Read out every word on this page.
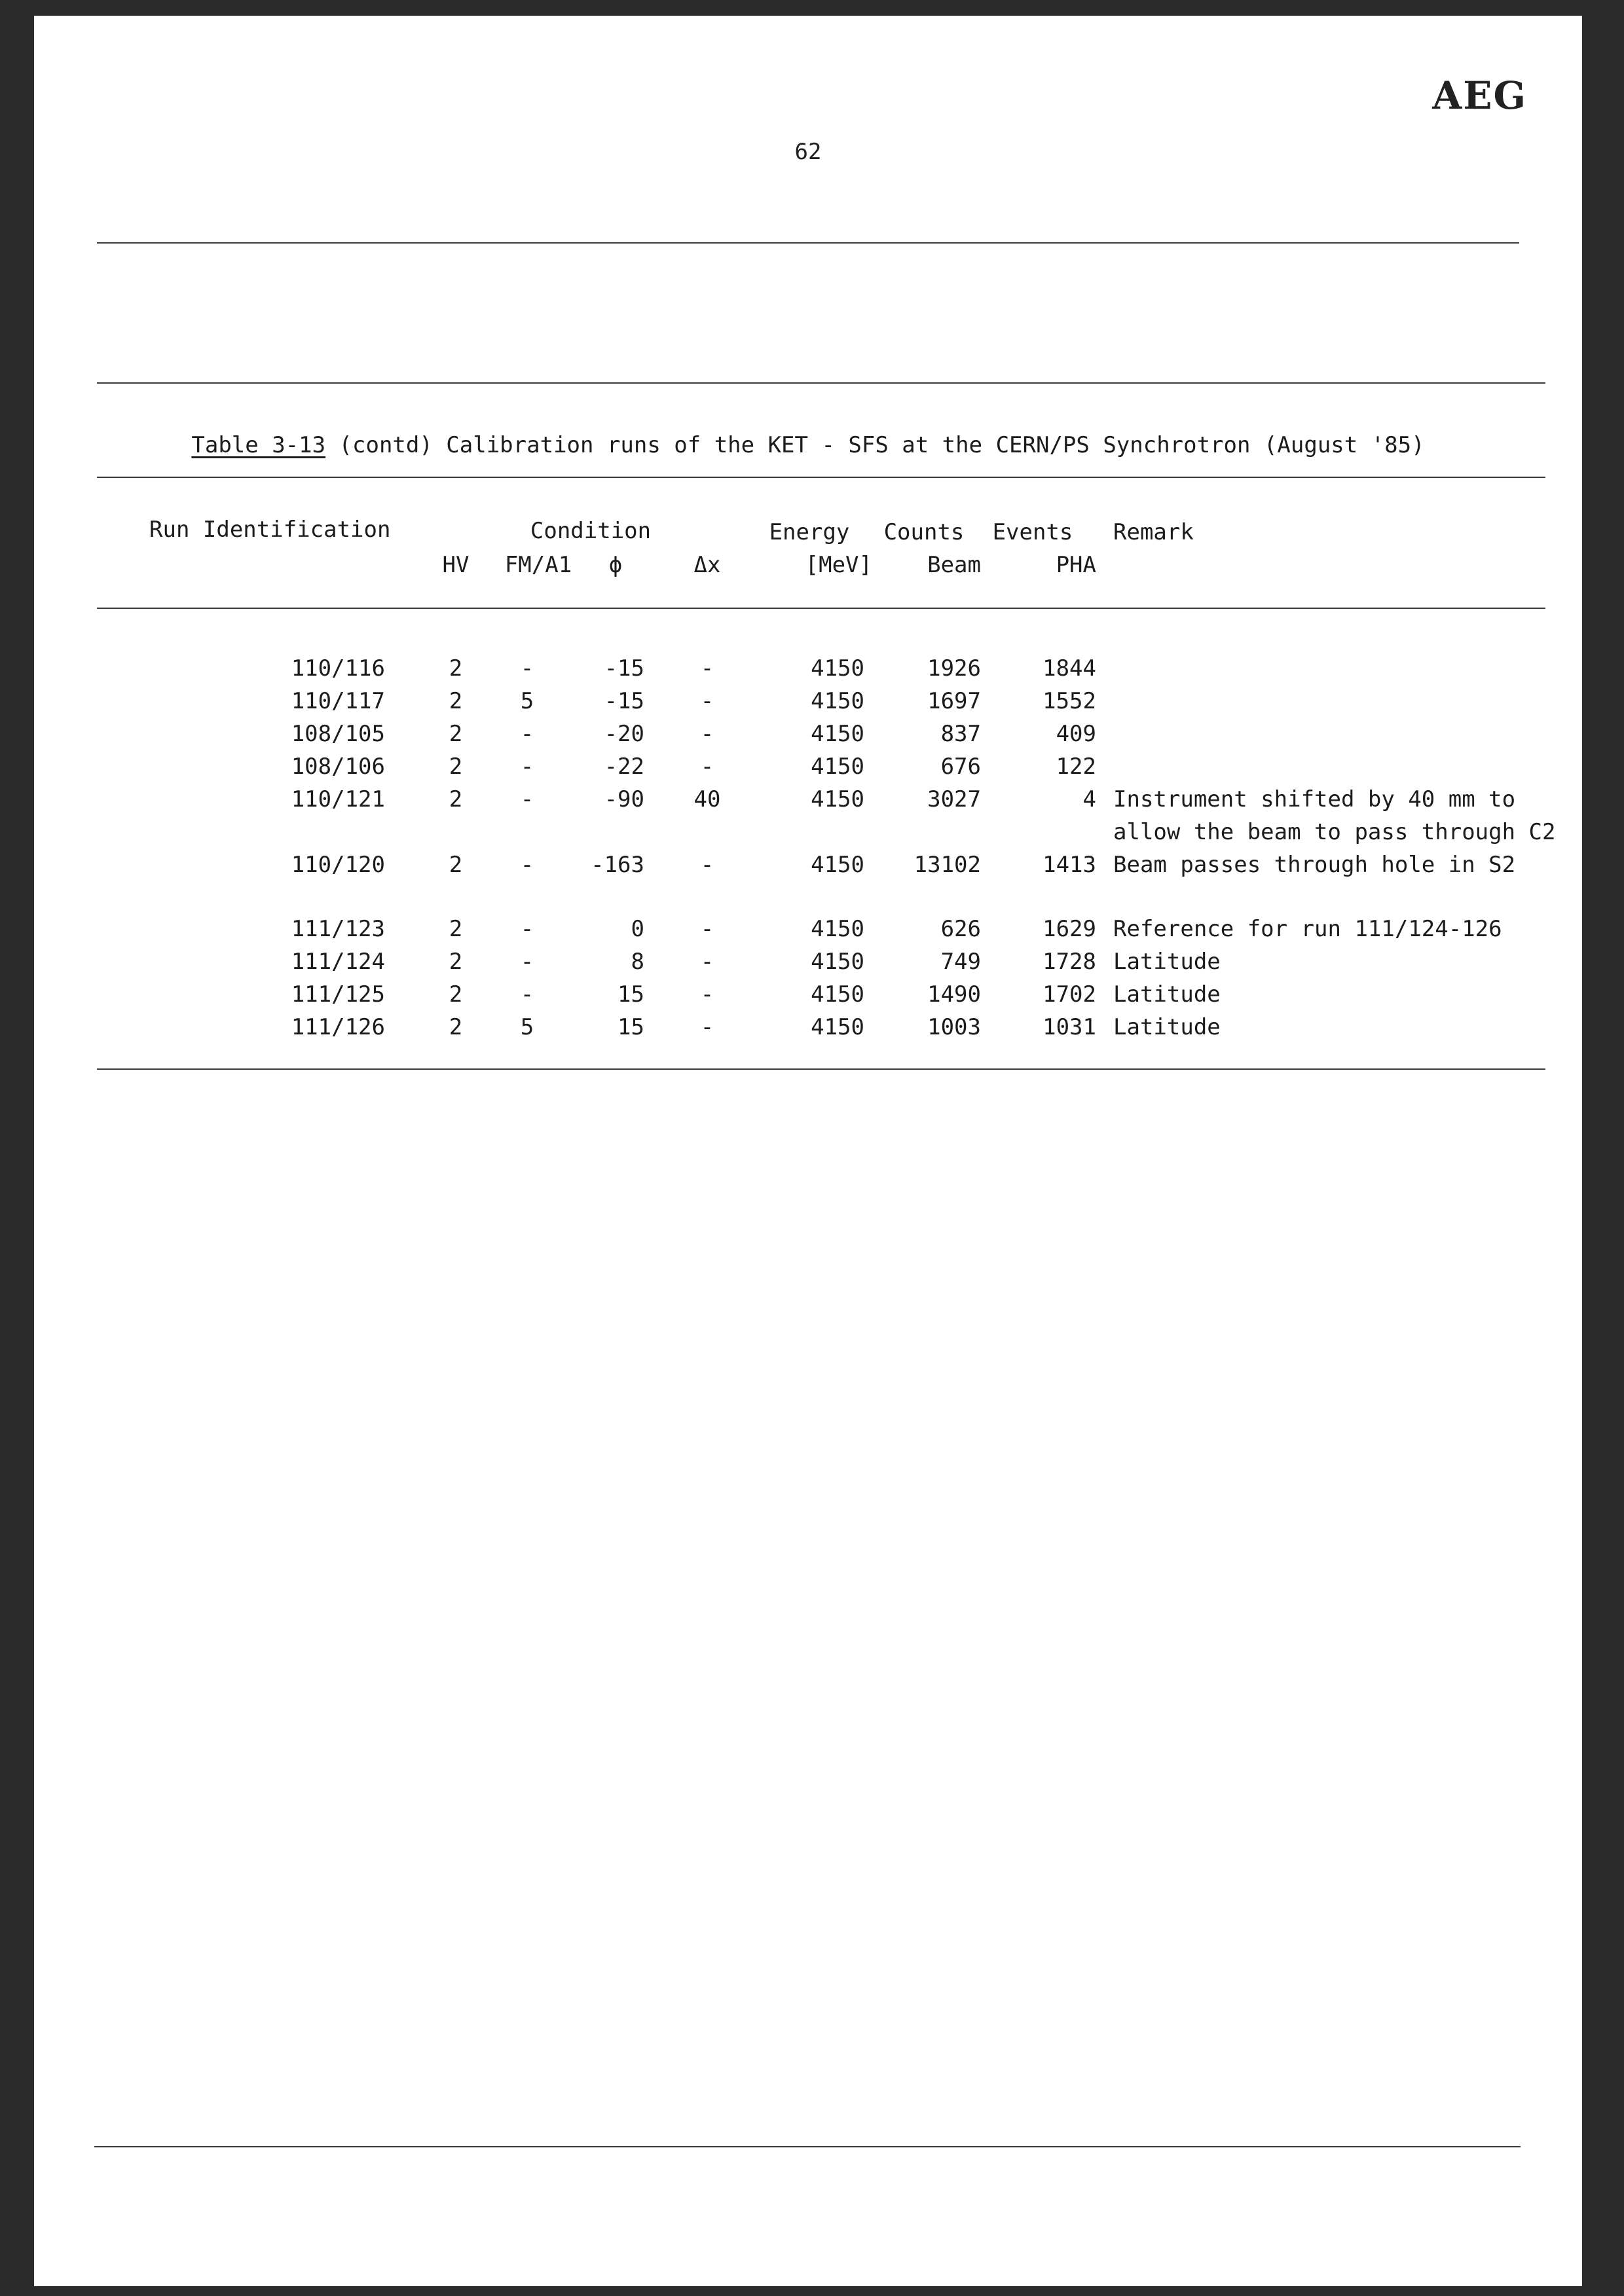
AEG
62
Table 3-13 (contd) Calibration runs of the KET - SFS at the CERN/PS Synchrotron (August '85)
Run Identification	Condition	Energy	Counts	Events	Remark
HV	FM/A1	ϕ	Δx	[MeV]	Beam	PHA
110/116	2	-	-15	-	4150	1926	1844
110/117	2	5	-15	-	4150	1697	1552
108/105	2	-	-20	-	4150	837	409
108/106	2	-	-22	-	4150	676	122
110/121	2	-	-90	40	4150	3027	4 Instrument shifted by 40 mm to
allow the beam to pass through C2
110/120	2	-	-163	-	4150	13102	1413 Beam passes through hole in S2
111/123	2	-	0	-	4150	626	1629 Reference for run 111/124-126
111/124	2	-	8	-	4150	749	1728 Latitude
111/125	2	-	15	-	4150	1490	1702 Latitude
111/126	2	5	15	-	4150	1003	1031 Latitude
